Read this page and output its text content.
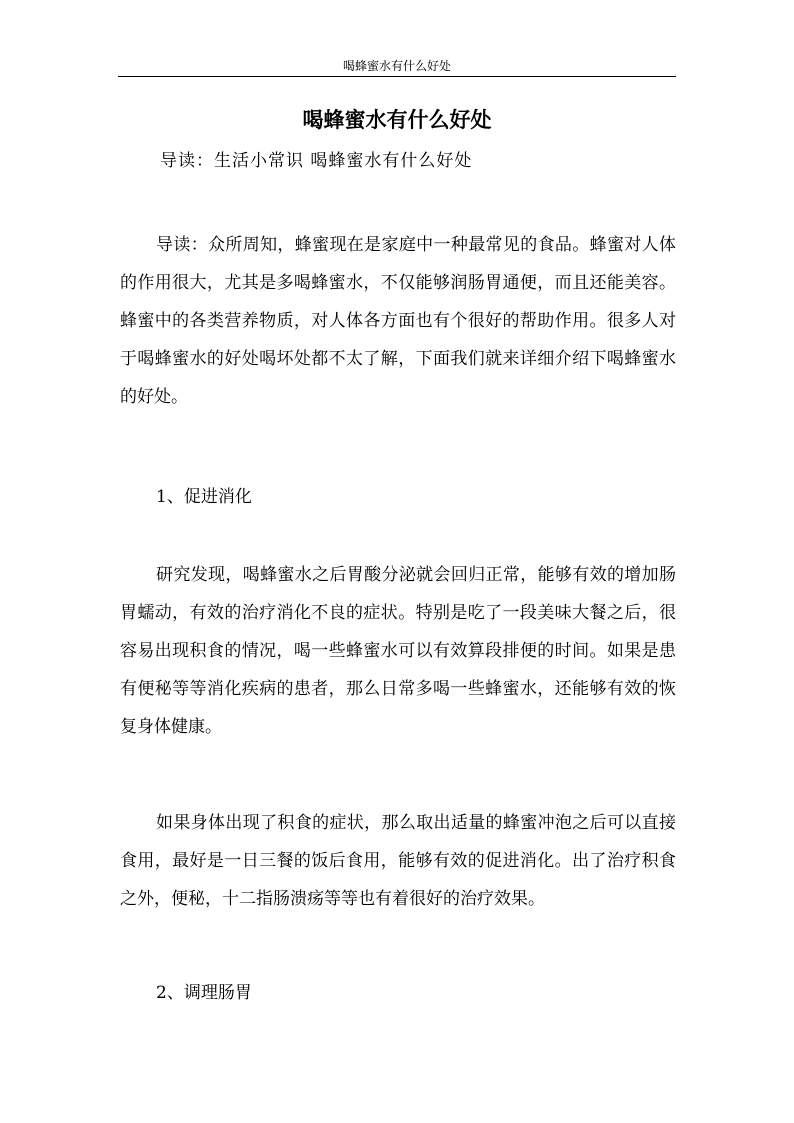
喝蜂蜜水有什么好处
喝蜂蜜水有什么好处
导读：生活小常识 喝蜂蜜水有什么好处

导读：众所周知，蜂蜜现在是家庭中一种最常见的食品。蜂蜜对人体的作用很大，尤其是多喝蜂蜜水，不仅能够润肠胃通便，而且还能美容。蜂蜜中的各类营养物质，对人体各方面也有个很好的帮助作用。很多人对于喝蜂蜜水的好处喝坏处都不太了解，下面我们就来详细介绍下喝蜂蜜水的好处。

1、促进消化

研究发现，喝蜂蜜水之后胃酸分泌就会回归正常，能够有效的增加肠胃蠕动，有效的治疗消化不良的症状。特别是吃了一段美味大餐之后，很容易出现积食的情况，喝一些蜂蜜水可以有效算段排便的时间。如果是患有便秘等等消化疾病的患者，那么日常多喝一些蜂蜜水，还能够有效的恢复身体健康。

如果身体出现了积食的症状，那么取出适量的蜂蜜冲泡之后可以直接食用，最好是一日三餐的饭后食用，能够有效的促进消化。出了治疗积食之外，便秘，十二指肠溃疡等等也有着很好的治疗效果。

2、调理肠胃
